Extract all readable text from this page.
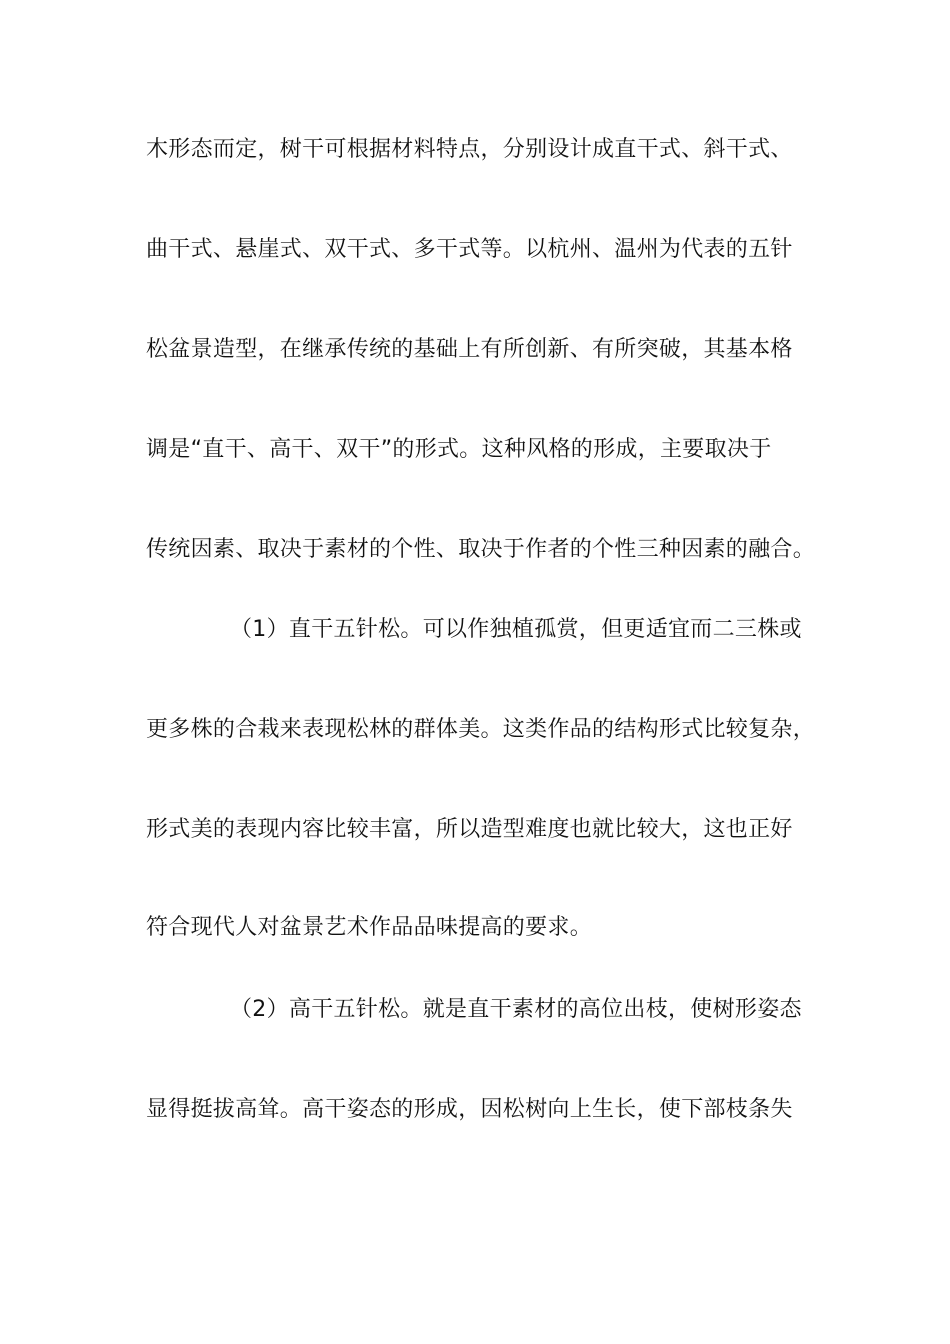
木形态而定，树干可根据材料特点，分别设计成直干式、斜干式、
曲干式、悬崖式、双干式、多干式等。以杭州、温州为代表的五针
松盆景造型，在继承传统的基础上有所创新、有所突破，其基本格
调是“直干、高干、双干”的形式。这种风格的形成，主要取决于
传统因素、取决于素材的个性、取决于作者的个性三种因素的融合。
（1）直干五针松。可以作独植孤赏，但更适宜而二三株或
更多株的合栽来表现松林的群体美。这类作品的结构形式比较复杂，
形式美的表现内容比较丰富，所以造型难度也就比较大，这也正好
符合现代人对盆景艺术作品品味提高的要求。
（2）高干五针松。就是直干素材的高位出枝，使树形姿态
显得挺拔高耸。高干姿态的形成，因松树向上生长，使下部枝条失
